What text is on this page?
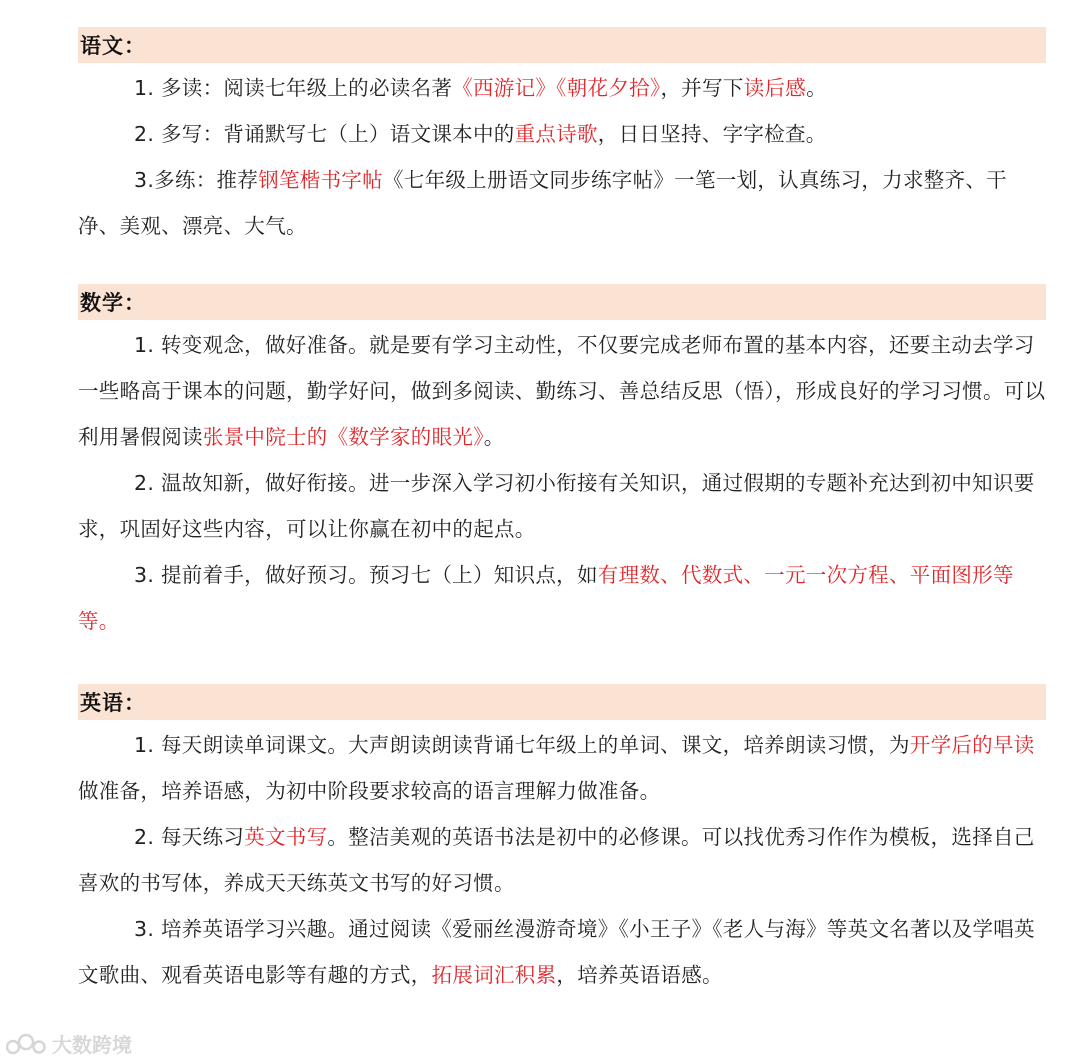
语文：

1. 多读：阅读七年级上的必读名著《西游记》《朝花夕拾》，并写下读后感。

2. 多写：背诵默写七（上）语文课本中的重点诗歌，日日坚持、字字检查。

3.多练：推荐钢笔楷书字帖《七年级上册语文同步练字帖》一笔一划，认真练习，力求整齐、干净、美观、漂亮、大气。

数学：

1. 转变观念，做好准备。就是要有学习主动性，不仅要完成老师布置的基本内容，还要主动去学习一些略高于课本的问题，勤学好问，做到多阅读、勤练习、善总结反思（悟），形成良好的学习习惯。可以利用暑假阅读张景中院士的《数学家的眼光》。

2. 温故知新，做好衔接。进一步深入学习初小衔接有关知识，通过假期的专题补充达到初中知识要求，巩固好这些内容，可以让你赢在初中的起点。

3. 提前着手，做好预习。预习七（上）知识点，如有理数、代数式、一元一次方程、平面图形等等。

英语：

1. 每天朗读单词课文。大声朗读朗读背诵七年级上的单词、课文，培养朗读习惯，为开学后的早读做准备，培养语感，为初中阶段要求较高的语言理解力做准备。

2. 每天练习英文书写。整洁美观的英语书法是初中的必修课。可以找优秀习作作为模板，选择自己喜欢的书写体，养成天天练英文书写的好习惯。

3. 培养英语学习兴趣。通过阅读《爱丽丝漫游奇境》《小王子》《老人与海》等英文名著以及学唱英文歌曲、观看英语电影等有趣的方式，拓展词汇积累，培养英语语感。

大数跨境
